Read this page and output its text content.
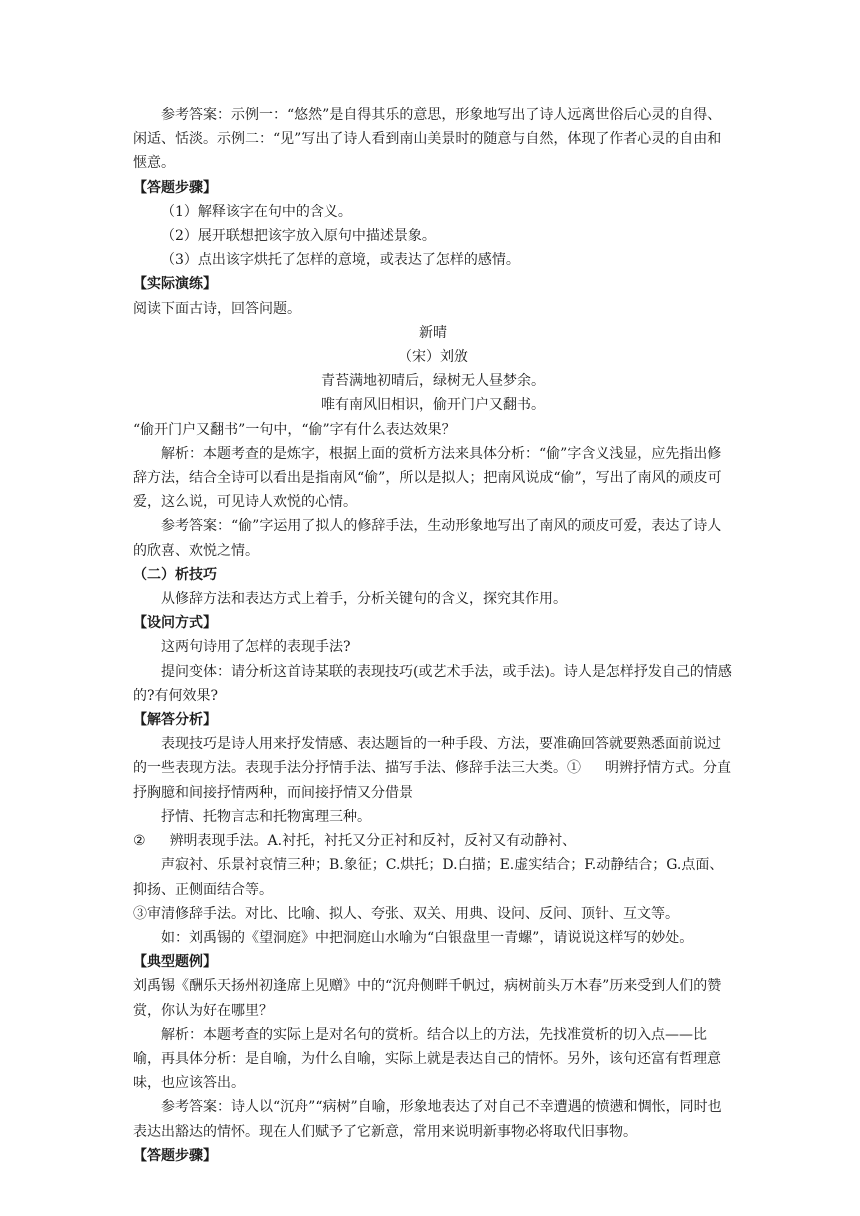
参考答案：示例一：“悠然”是自得其乐的意思，形象地写出了诗人远离世俗后心灵的自得、闲适、恬淡。示例二：“见”写出了诗人看到南山美景时的随意与自然，体现了作者心灵的自由和惬意。

【答题步骤】

（1）解释该字在句中的含义。

（2）展开联想把该字放入原句中描述景象。

（3）点出该字烘托了怎样的意境，或表达了怎样的感情。

【实际演练】

阅读下面古诗，回答问题。

新晴

（宋）刘攽

青苔满地初晴后，绿树无人昼梦余。

唯有南风旧相识，偷开门户又翻书。

“偷开门户又翻书”一句中，“偷”字有什么表达效果？

解析：本题考查的是炼字，根据上面的赏析方法来具体分析：“偷”字含义浅显，应先指出修辞方法，结合全诗可以看出是指南风“偷”，所以是拟人；把南风说成“偷”，写出了南风的顽皮可爱，这么说，可见诗人欢悦的心情。

参考答案：“偷”字运用了拟人的修辞手法，生动形象地写出了南风的顽皮可爱，表达了诗人的欣喜、欢悦之情。

（二）析技巧

从修辞方法和表达方式上着手，分析关键句的含义，探究其作用。

【设问方式】

这两句诗用了怎样的表现手法?

提问变体：请分析这首诗某联的表现技巧(或艺术手法，或手法)。诗人是怎样抒发自己的情感的?有何效果?

【解答分析】

表现技巧是诗人用来抒发情感、表达题旨的一种手段、方法，要准确回答就要熟悉面前说过的一些表现方法。表现手法分抒情手法、描写手法、修辞手法三大类。① 明辨抒情方式。分直抒胸臆和间接抒情两种，而间接抒情又分借景

抒情、托物言志和托物寓理三种。

② 辨明表现手法。A.衬托，衬托又分正衬和反衬，反衬又有动静衬、

声寂衬、乐景衬哀情三种；B.象征；C.烘托；D.白描；E.虚实结合；F.动静结合；G.点面、抑扬、正侧面结合等。

③审清修辞手法。对比、比喻、拟人、夸张、双关、用典、设问、反问、顶针、互文等。

如：刘禹锡的《望洞庭》中把洞庭山水喻为“白银盘里一青螺”，请说说这样写的妙处。

【典型题例】

刘禹锡《酬乐天扬州初逢席上见赠》中的“沉舟侧畔千帆过，病树前头万木春”历来受到人们的赞赏，你认为好在哪里？

解析：本题考查的实际上是对名句的赏析。结合以上的方法，先找准赏析的切入点——比喻，再具体分析：是自喻，为什么自喻，实际上就是表达自己的情怀。另外，该句还富有哲理意味，也应该答出。

参考答案：诗人以“沉舟”“病树”自喻，形象地表达了对自己不幸遭遇的愤懑和惆怅，同时也表达出豁达的情怀。现在人们赋予了它新意，常用来说明新事物必将取代旧事物。

【答题步骤】
